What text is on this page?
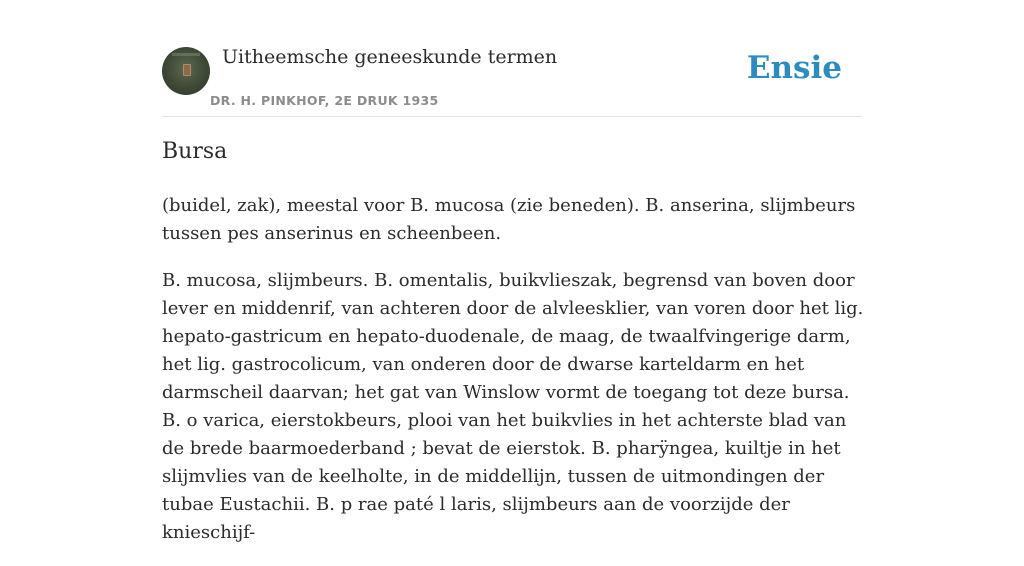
Uitheemsche geneeskunde termen
DR. H. PINKHOF, 2E DRUK 1935
Ensie
Bursa

(buidel, zak), meestal voor B. mucosa (zie beneden). B. anserina, slijmbeurs tussen pes anserinus en scheenbeen.

B. mucosa, slijmbeurs. B. omentalis, buikvlieszak, begrensd van boven door lever en middenrif, van achteren door de alvleesklier, van voren door het lig. hepato-gastricum en hepato-duodenale, de maag, de twaalfvingerige darm, het lig. gastrocolicum, van onderen door de dwarse karteldarm en het darmscheil daarvan; het gat van Winslow vormt de toegang tot deze bursa. B. o varica, eierstokbeurs, plooi van het buikvlies in het achterste blad van de brede baarmoederband ; bevat de eierstok. B. pharÿngea, kuiltje in het slijmvlies van de keelholte, in de middellijn, tussen de uitmondingen der tubae Eustachii. B. p rae paté l laris, slijmbeurs aan de voorzijde der knieschijf-
